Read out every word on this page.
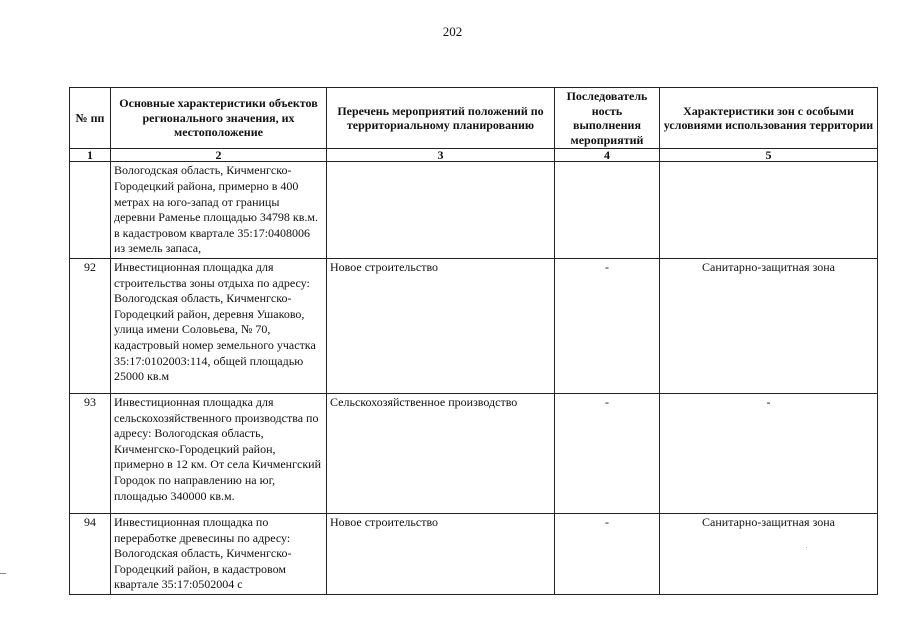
202
№ пп	Основные характеристики объектов регионального значения, их местоположение	Перечень мероприятий положений по территориальному планированию	Последователь ность выполнения мероприятий	Характеристики зон с особыми условиями использования территории
1	2	3	4	5
	Вологодская область, Кичменгско-Городецкий района, примерно в 400 метрах на юго-запад от границы деревни Раменье площадью 34798 кв.м. в кадастровом квартале 35:17:0408006 из земель запаса,			
92	Инвестиционная площадка для строительства зоны отдыха по адресу: Вологодская область, Кичменгско-Городецкий район, деревня Ушаково, улица имени Соловьева, № 70, кадастровый номер земельного участка 35:17:0102003:114, общей площадью 25000 кв.м	Новое строительство	-	Санитарно-защитная зона
93	Инвестиционная площадка для сельскохозяйственного производства по адресу: Вологодская область, Кичменгско-Городецкий район, примерно в 12 км. От села Кичменгский Городок по направлению на юг, площадью 340000 кв.м.	Сельскохозяйственное производство	-	-
94	Инвестиционная площадка по переработке древесины по адресу: Вологодская область, Кичменгско-Городецкий район, в кадастровом квартале 35:17:0502004 с	Новое строительство	-	Санитарно-защитная зона
